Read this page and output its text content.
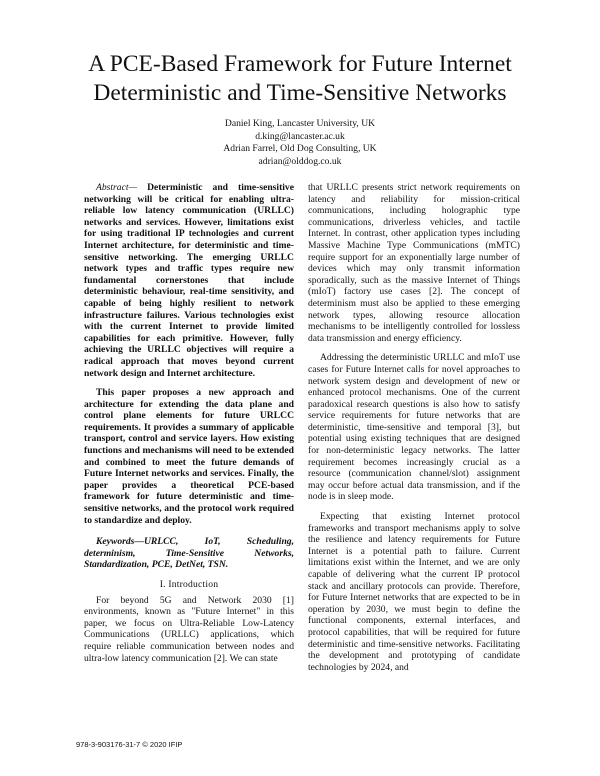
A PCE-Based Framework for Future Internet
Deterministic and Time-Sensitive Networks
Daniel King, Lancaster University, UK
d.king@lancaster.ac.uk
Adrian Farrel, Old Dog Consulting, UK
adrian@olddog.co.uk

Abstract— Deterministic and time-sensitive networking will be critical for enabling ultra-reliable low latency communication (URLLC) networks and services. However, limitations exist for using traditional IP technologies and current Internet architecture, for deterministic and time-sensitive networking. The emerging URLLC network types and traffic types require new fundamental cornerstones that include deterministic behaviour, real-time sensitivity, and capable of being highly resilient to network infrastructure failures. Various technologies exist with the current Internet to provide limited capabilities for each primitive. However, fully achieving the URLLC objectives will require a radical approach that moves beyond current network design and Internet architecture.

This paper proposes a new approach and architecture for extending the data plane and control plane elements for future URLCC requirements. It provides a summary of applicable transport, control and service layers. How existing functions and mechanisms will need to be extended and combined to meet the future demands of Future Internet networks and services. Finally, the paper provides a theoretical PCE-based framework for future deterministic and time-sensitive networks, and the protocol work required to standardize and deploy.

Keywords—URLCC, IoT, Scheduling, determinism, Time-Sensitive Networks, Standardization, PCE, DetNet, TSN.

I. Introduction

For beyond 5G and Network 2030 [1] environments, known as "Future Internet" in this paper, we focus on Ultra-Reliable Low-Latency Communications (URLLC) applications, which require reliable communication between nodes and ultra-low latency communication [2]. We can state

that URLLC presents strict network requirements on latency and reliability for mission-critical communications, including holographic type communications, driverless vehicles, and tactile Internet. In contrast, other application types including Massive Machine Type Communications (mMTC) require support for an exponentially large number of devices which may only transmit information sporadically, such as the massive Internet of Things (mIoT) factory use cases [2]. The concept of determinism must also be applied to these emerging network types, allowing resource allocation mechanisms to be intelligently controlled for lossless data transmission and energy efficiency.

Addressing the deterministic URLLC and mIoT use cases for Future Internet calls for novel approaches to network system design and development of new or enhanced protocol mechanisms. One of the current paradoxical research questions is also how to satisfy service requirements for future networks that are deterministic, time-sensitive and temporal [3], but potential using existing techniques that are designed for non-deterministic legacy networks. The latter requirement becomes increasingly crucial as a resource (communication channel/slot) assignment may occur before actual data transmission, and if the node is in sleep mode.

Expecting that existing Internet protocol frameworks and transport mechanisms apply to solve the resilience and latency requirements for Future Internet is a potential path to failure. Current limitations exist within the Internet, and we are only capable of delivering what the current IP protocol stack and ancillary protocols can provide. Therefore, for Future Internet networks that are expected to be in operation by 2030, we must begin to define the functional components, external interfaces, and protocol capabilities, that will be required for future deterministic and time-sensitive networks. Facilitating the development and prototyping of candidate technologies by 2024, and

978-3-903176-31-7 © 2020 IFIP
